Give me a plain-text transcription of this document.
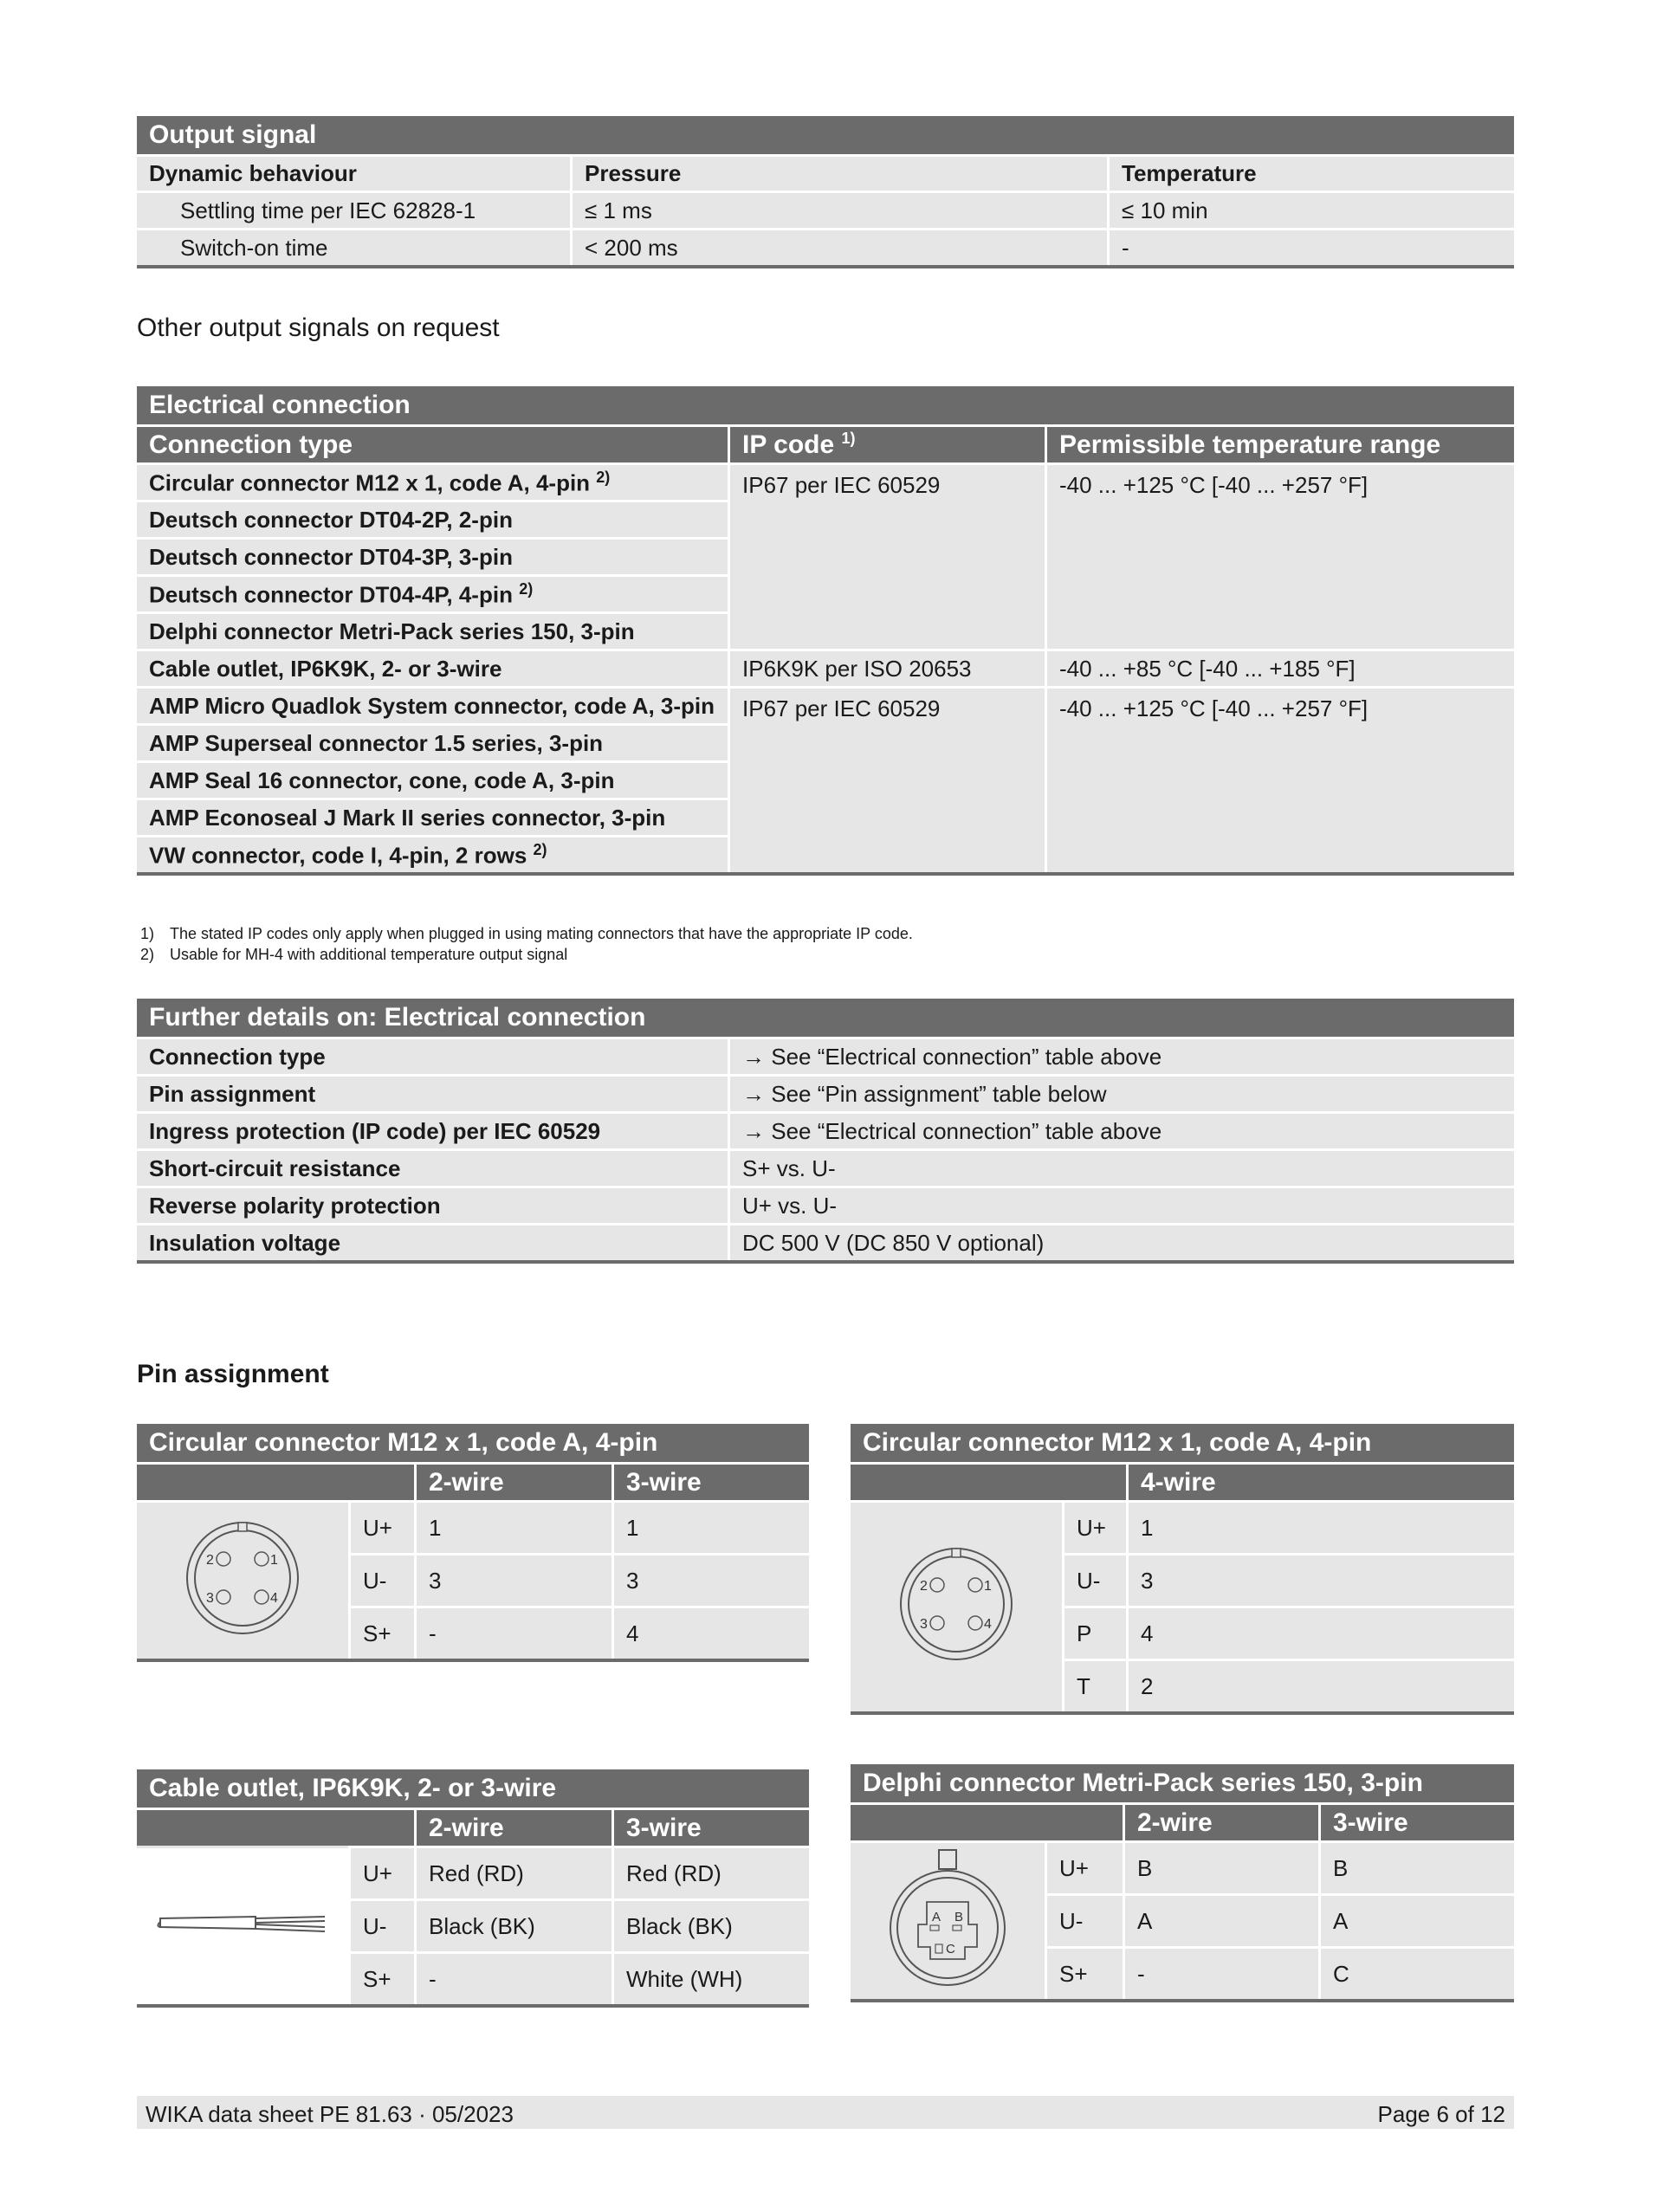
Output signal		
Dynamic behaviour	Pressure	Temperature
Settling time per IEC 62828-1	≤ 1 ms	≤ 10 min
Switch-on time	< 200 ms	-
Other output signals on request
Electrical connection		
Connection type	IP code $^{1)}$	Permissible temperature range
Circular connector M12 x 1, code A, 4-pin $^{2)}$	IP67 per IEC 60529	-40 ... +125 °C [-40 ... +257 °F]
Deutsch connector DT04-2P, 2-pin		
Deutsch connector DT04-3P, 3-pin		
Deutsch connector DT04-4P, 4-pin $^{2)}$
Delphi connector Metri-Pack series 150, 3-pin		
Cable outlet, IP6K9K, 2- or 3-wire	IP6K9K per ISO 20653	-40 ... +85 °C [-40 ... +185 °F]
AMP Micro Quadlok System connector, code A, 3-pin	IP67 per IEC 60529	-40 ... +125 °C [-40 ... +257 °F]
AMP Superseal connector 1.5 series, 3-pin		
AMP Seal 16 connector, cone, code A, 3-pin		
AMP Econoseal J Mark II series connector, 3-pin		
VW connector, code I, 4-pin, 2 rows $^{2)}$
1) The stated IP codes only apply when plugged in using mating connectors that have the appropriate IP code.
2) Usable for MH-4 with additional temperature output signal
Further details on: Electrical connection	
Connection type	→ See “Electrical connection” table above
Pin assignment	→ See “Pin assignment” table below
Ingress protection (IP code) per IEC 60529	→ See “Electrical connection” table above
Short-circuit resistance	S+ vs. U-
Reverse polarity protection	U+ vs. U-
Insulation voltage	DC 500 V (DC 850 V optional)
Pin assignment
Circular connector M12 x 1, code A, 4-pin			
		2-wire	3-wire

1
2
3 4	U+	1	1
	U-	3	3
	S+	-	4
Circular connector M12 x 1, code A, 4-pin		
		4-wire

1
2
3 4	U+	1
	U-	3
	P	4
	T	2
Cable outlet, IP6K9K, 2- or 3-wire			
		2-wire	3-wire
	U+	Red (RD)	Red (RD)
	U-	Black (BK)	Black (BK)
	S+	-	White (WH)
Delphi connector Metri-Pack series 150, 3-pin			
		2-wire	3-wire

A B
C	U+	B	B
	U-	A	A
	S+	-	C
WIKA data sheet PE 81.63 · 05/2023	Page 6 of 12
